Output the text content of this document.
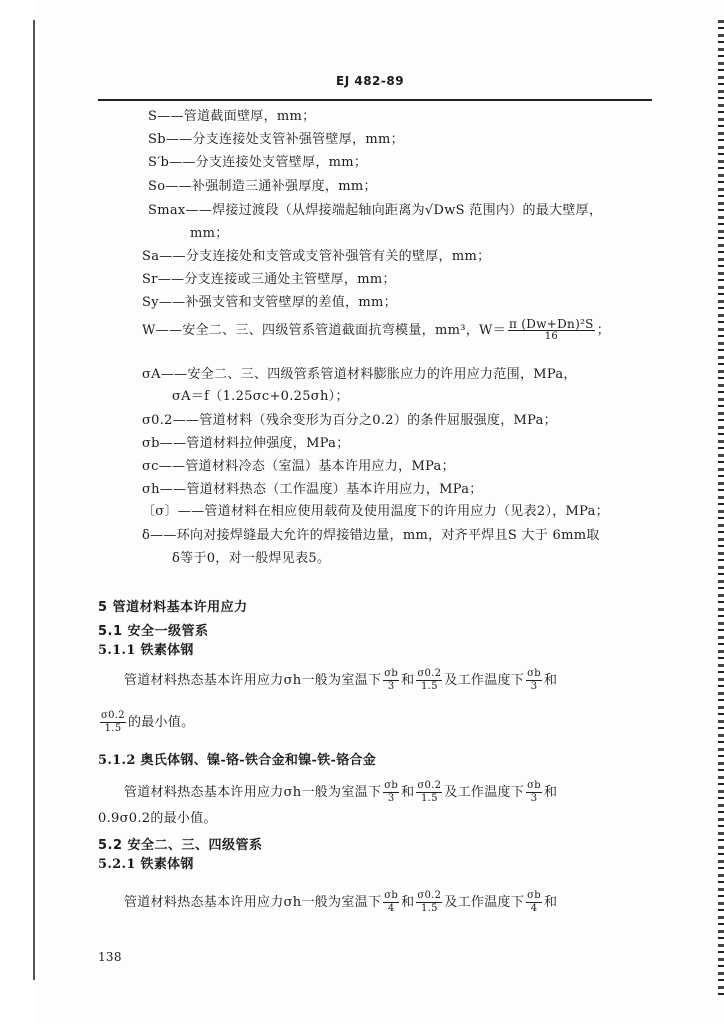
EJ 482-89
S——管道截面壁厚，mm；
Sb——分支连接处支管补强管壁厚，mm；
S′b——分支连接处支管壁厚，mm；
So——补强制造三通补强厚度，mm；
Smax——焊接过渡段（从焊接端起轴向距离为√DwS 范围内）的最大壁厚，
mm；
Sa——分支连接处和支管或支管补强管有关的壁厚，mm；
Sr——分支连接或三通处主管壁厚，mm；
Sy——补强支管和支管壁厚的差值，mm；
W——安全二、三、四级管系管道截面抗弯模量，mm³，$W= \frac{\text{π (Dw+Dn)²S}}{16}$ ；
σA——安全二、三、四级管系管道材料膨胀应力的许用应力范围，MPa，
σA＝f（1.25σc+0.25σh）；
σ0.2——管道材料（残余变形为百分之0.2）的条件屈服强度，MPa；
σb——管道材料拉伸强度，MPa；
σc——管道材料冷态（室温）基本许用应力，MPa；
σh——管道材料热态（工作温度）基本许用应力，MPa；
〔σ〕——管道材料在相应使用载荷及使用温度下的许用应力（见表2），MPa；
δ——环向对接焊缝最大允许的焊接错边量，mm，对齐平焊且S 大于 6mm取
δ等于0，对一般焊见表5。
5 管道材料基本许用应力
5.1 安全一级管系
5.1.1 铁素体钢
管道材料热态基本许用应力σh一般为室温下 $\frac{\sigma b}{3}$ 和 $\frac{\sigma 0.2}{1.5}$ 及工作温度下 $\frac{\sigma b}{3}$ 和
$\frac{\sigma 0.2}{1.5}$ 的最小值。
5.1.2 奥氏体钢、镍-铬-铁合金和镍-铁-铬合金
管道材料热态基本许用应力σh一般为室温下 $\frac{\sigma b}{3}$ 和 $\frac{\sigma 0.2}{1.5}$ 及工作温度下 $\frac{\sigma b}{3}$ 和
0.9σ0.2的最小值。
5.2 安全二、三、四级管系
5.2.1 铁素体钢
管道材料热态基本许用应力σh一般为室温下 $\frac{\sigma b}{4}$ 和 $\frac{\sigma 0.2}{1.5}$ 及工作温度下 $\frac{\sigma b}{4}$ 和
138
